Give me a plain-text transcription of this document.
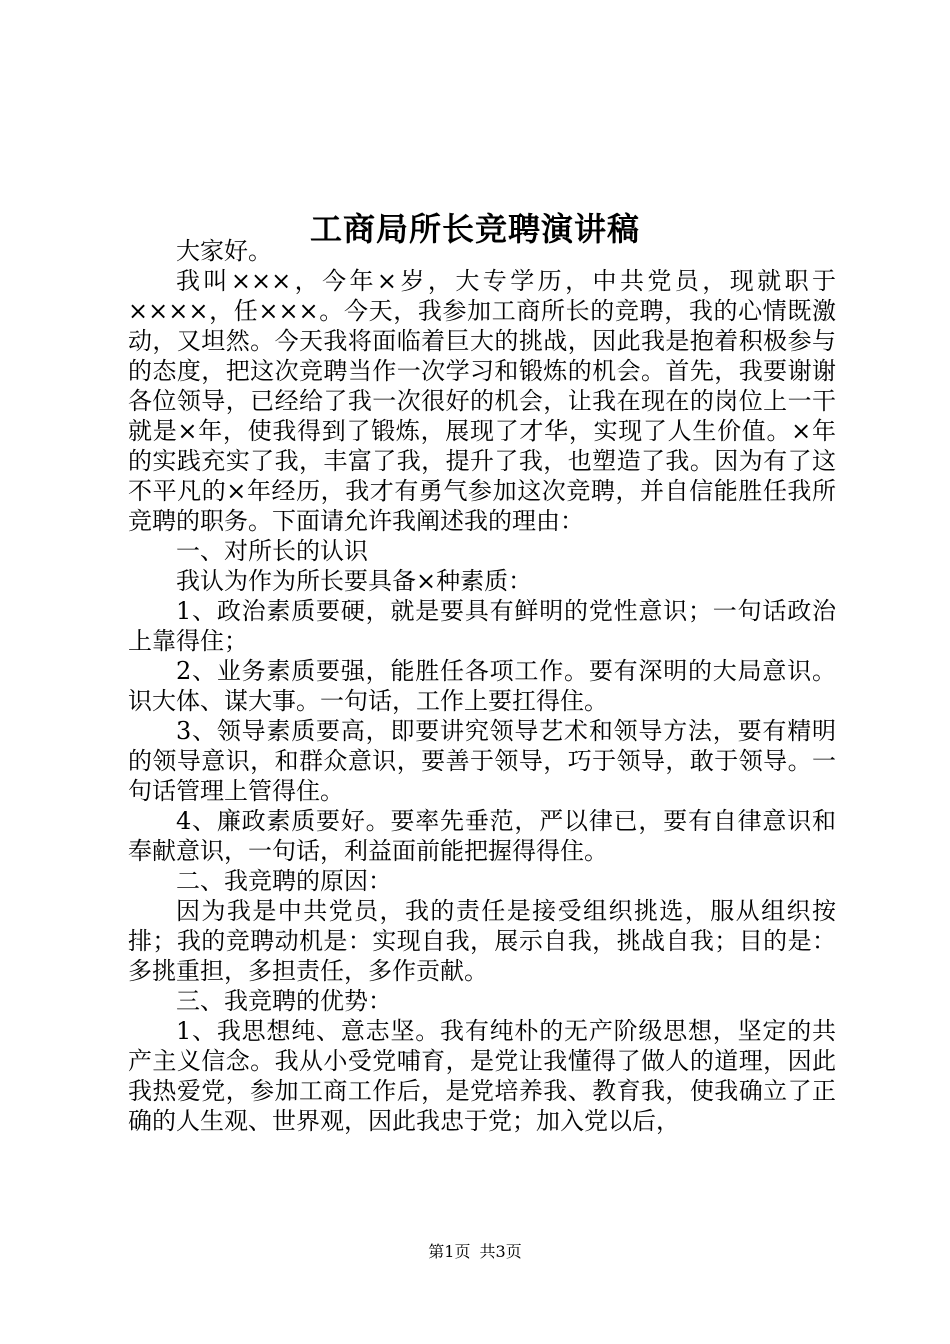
工商局所长竞聘演讲稿

大家好。

我叫×××，今年×岁，大专学历，中共党员，现就职于××××，任×××。今天，我参加工商所长的竞聘，我的心情既激动，又坦然。今天我将面临着巨大的挑战，因此我是抱着积极参与的态度，把这次竞聘当作一次学习和锻炼的机会。首先，我要谢谢各位领导，已经给了我一次很好的机会，让我在现在的岗位上一干就是×年，使我得到了锻炼，展现了才华，实现了人生价值。×年的实践充实了我，丰富了我，提升了我，也塑造了我。因为有了这不平凡的×年经历，我才有勇气参加这次竞聘，并自信能胜任我所竞聘的职务。下面请允许我阐述我的理由：

一、对所长的认识

我认为作为所长要具备×种素质：

1、政治素质要硬，就是要具有鲜明的党性意识；一句话政治上靠得住；

2、业务素质要强，能胜任各项工作。要有深明的大局意识。识大体、谋大事。一句话，工作上要扛得住。

3、领导素质要高，即要讲究领导艺术和领导方法，要有精明的领导意识，和群众意识，要善于领导，巧于领导，敢于领导。一句话管理上管得住。

4、廉政素质要好。要率先垂范，严以律已，要有自律意识和奉献意识，一句话，利益面前能把握得得住。

二、我竞聘的原因：

因为我是中共党员，我的责任是接受组织挑选，服从组织按排；我的竞聘动机是：实现自我，展示自我，挑战自我；目的是：多挑重担，多担责任，多作贡献。

三、我竞聘的优势：

1、我思想纯、意志坚。我有纯朴的无产阶级思想，坚定的共产主义信念。我从小受党哺育，是党让我懂得了做人的道理，因此我热爱党，参加工商工作后，是党培养我、教育我，使我确立了正确的人生观、世界观，因此我忠于党；加入党以后，

第1页 共3页
